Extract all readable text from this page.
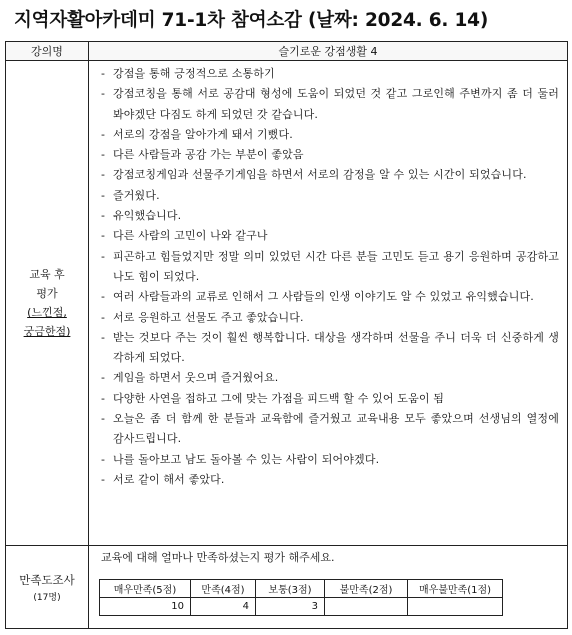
지역자활아카데미 71-1차 참여소감 (날짜: 2024. 6. 14)
강의명	슬기로운 강점생활 4
교육 후
평가
(느낀점,
궁금한점)
- 강점을 통해 긍정적으로 소통하기
- 강점코칭을 통해 서로 공감대 형성에 도움이 되었던 것 같고 그로인해 주변까지 좀 더 둘러봐야겠단 다짐도 하게 되었던 갓 같습니다.
- 서로의 강점을 알아가게 돼서 기뻤다.
- 다른 사람들과 공감 가는 부분이 좋았음
- 강점코칭게임과 선물주기게임을 하면서 서로의 감정을 알 수 있는 시간이 되었습니다.
- 즐거웠다.
- 유익했습니다.
- 다른 사람의 고민이 나와 같구나
- 피곤하고 힘들었지만 정말 의미 있었던 시간 다른 분들 고민도 듣고 용기 응원하며 공감하고 나도 힘이 되었다.
- 여러 사람들과의 교류로 인해서 그 사람들의 인생 이야기도 알 수 있었고 유익했습니다.
- 서로 응원하고 선물도 주고 좋았습니다.
- 받는 것보다 주는 것이 훨씬 행복합니다. 대상을 생각하며 선물을 주니 더욱 더 신중하게 생각하게 되었다.
- 게임을 하면서 웃으며 즐거웠어요.
- 다양한 사연을 접하고 그에 맞는 가점을 피드백 할 수 있어 도움이 됨
- 오늘은 좀 더 함께 한 분들과 교육함에 즐거웠고 교육내용 모두 좋았으며 선생님의 열정에 감사드립니다.
- 나를 돌아보고 남도 돌아볼 수 있는 사람이 되어야겠다.
- 서로 같이 해서 좋았다.
만족도조사
(17명)
교육에 대해 얼마나 만족하셨는지 평가 해주세요.
매우만족(5점)	만족(4점)	보통(3점)	불만족(2점)	매우불만족(1점)
10	4	3		
